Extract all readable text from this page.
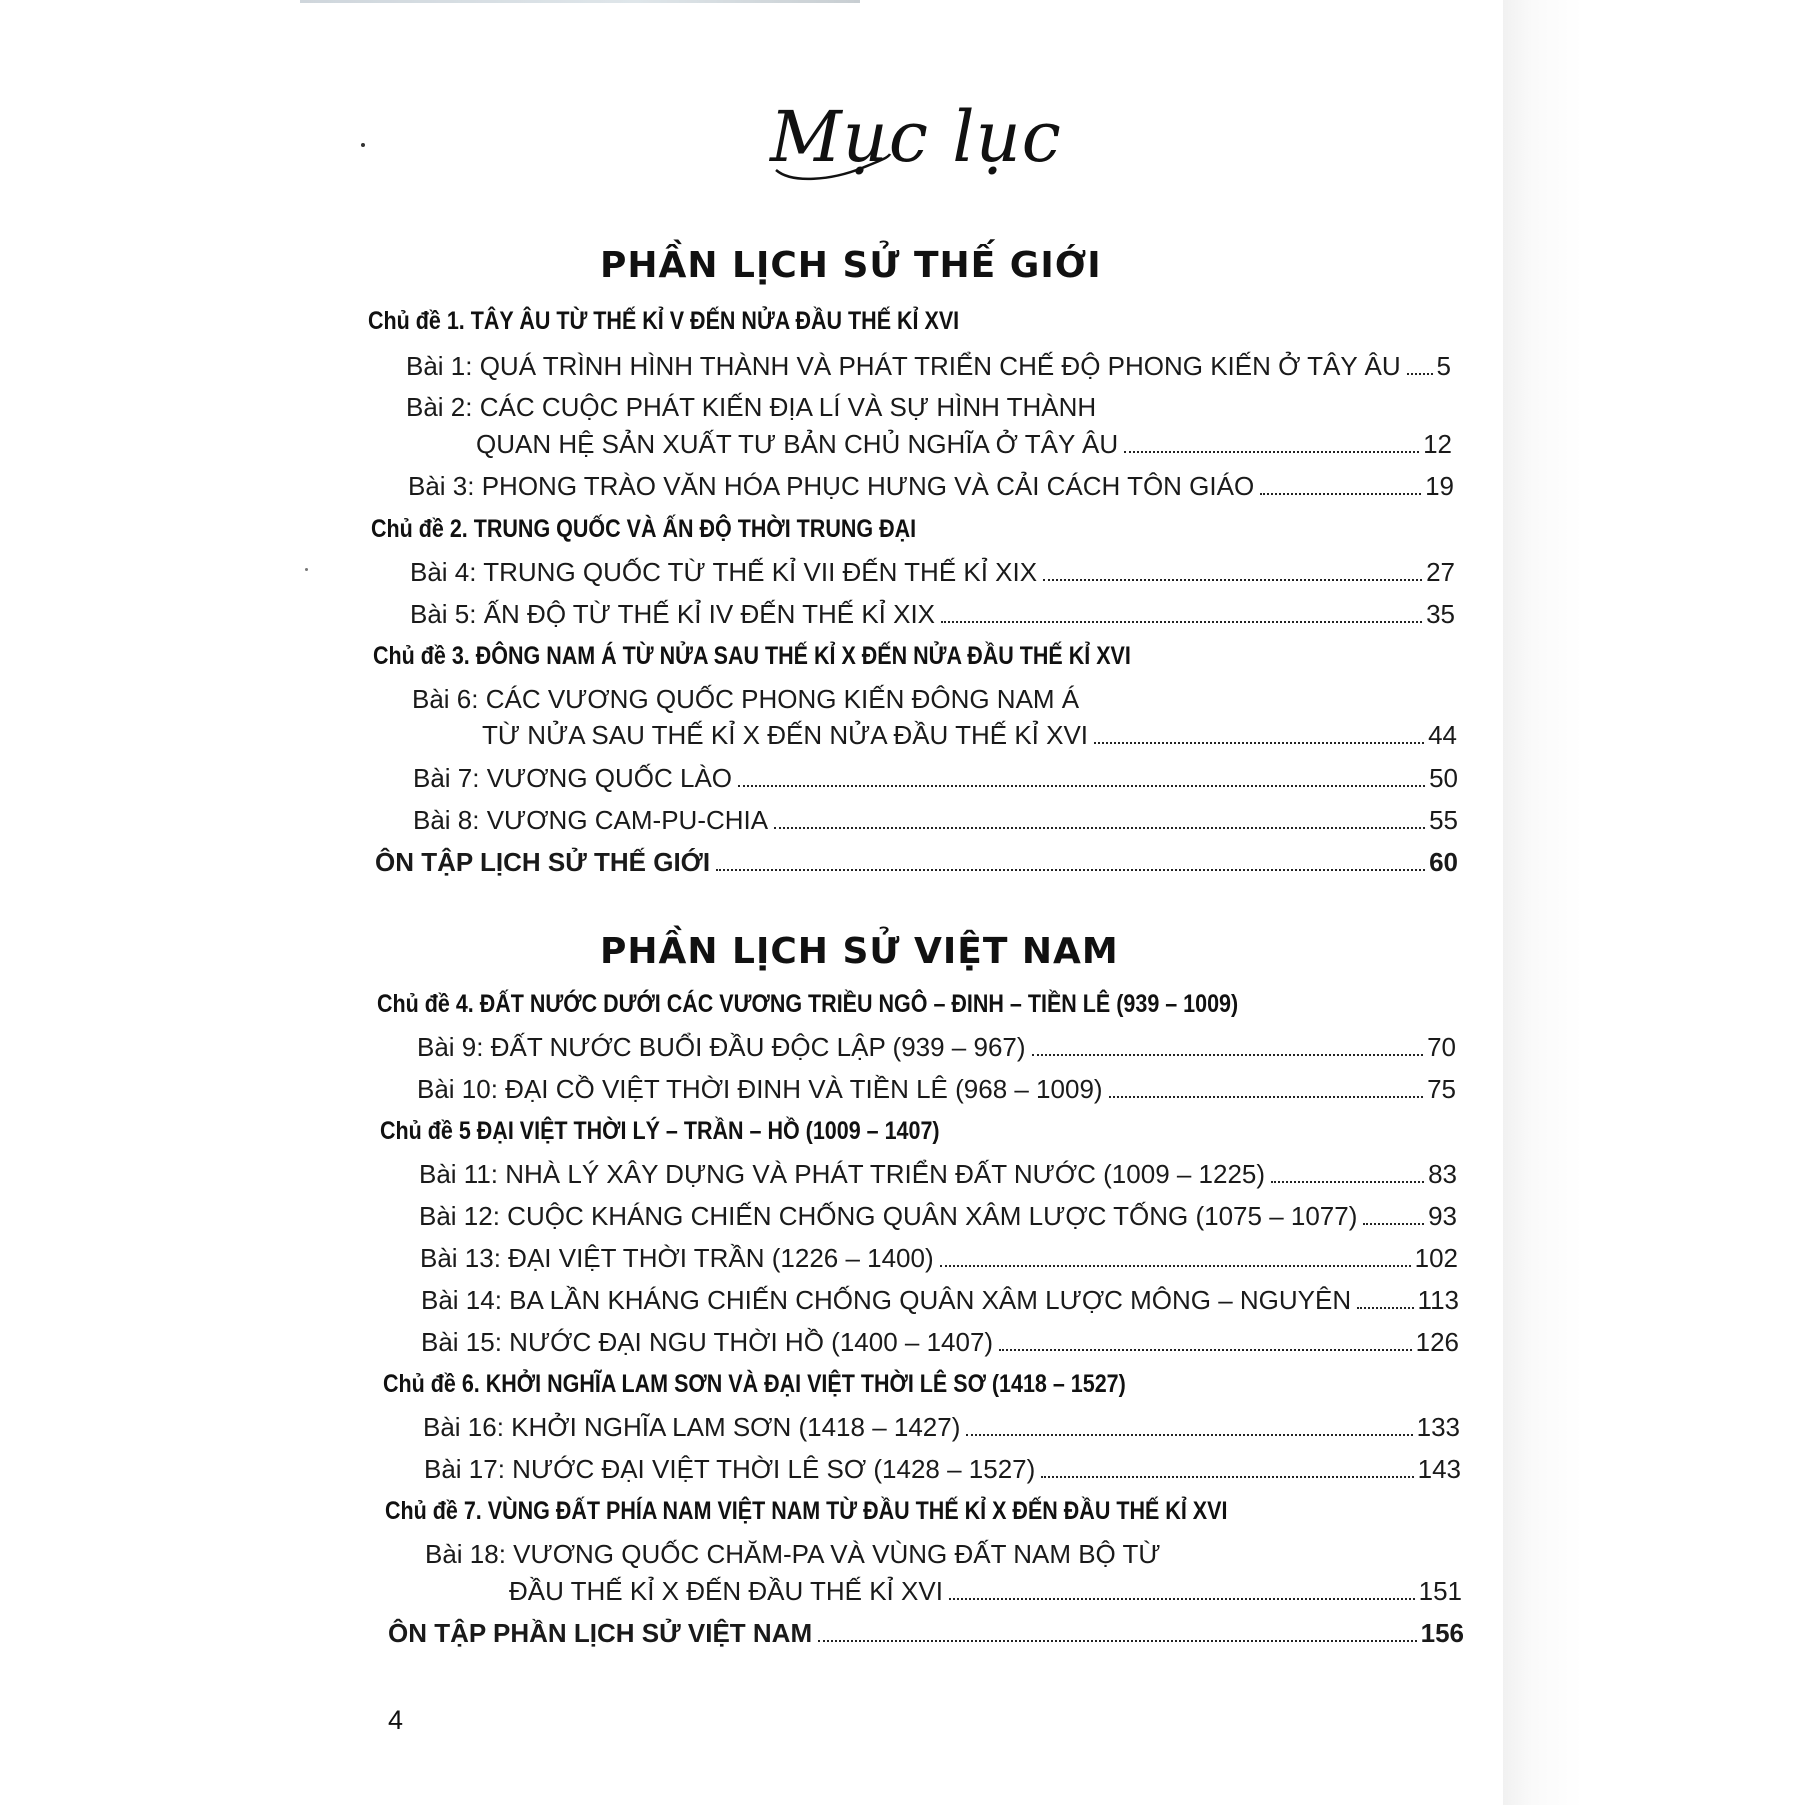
Mục lục
PHẦN LỊCH SỬ THẾ GIỚI
Chủ đề 1. TÂY ÂU TỪ THẾ KỈ V ĐẾN NỬA ĐẦU THẾ KỈ XVI
Bài 1: QUÁ TRÌNH HÌNH THÀNH VÀ PHÁT TRIỂN CHẾ ĐỘ PHONG KIẾN Ở TÂY ÂU 5
Bài 2: CÁC CUỘC PHÁT KIẾN ĐỊA LÍ VÀ SỰ HÌNH THÀNH
QUAN HỆ SẢN XUẤT TƯ BẢN CHỦ NGHĨA Ở TÂY ÂU	12
Bài 3: PHONG TRÀO VĂN HÓA PHỤC HƯNG VÀ CẢI CÁCH TÔN GIÁO	19
Chủ đề 2. TRUNG QUỐC VÀ ẤN ĐỘ THỜI TRUNG ĐẠI
Bài 4: TRUNG QUỐC TỪ THẾ KỈ VII ĐẾN THẾ KỈ XIX	27
Bài 5: ẤN ĐỘ TỪ THẾ KỈ IV ĐẾN THẾ KỈ XIX	35
Chủ đề 3. ĐÔNG NAM Á TỪ NỬA SAU THẾ KỈ X ĐẾN NỬA ĐẦU THẾ KỈ XVI
Bài 6: CÁC VƯƠNG QUỐC PHONG KIẾN ĐÔNG NAM Á
TỪ NỬA SAU THẾ KỈ X ĐẾN NỬA ĐẦU THẾ KỈ XVI	44
Bài 7: VƯƠNG QUỐC LÀO	50
Bài 8: VƯƠNG CAM-PU-CHIA	55
ÔN TẬP LỊCH SỬ THẾ GIỚI	60
PHẦN LỊCH SỬ VIỆT NAM
Chủ đề 4. ĐẤT NƯỚC DƯỚI CÁC VƯƠNG TRIỀU NGÔ – ĐINH – TIỀN LÊ (939 – 1009)
Bài 9: ĐẤT NƯỚC BUỔI ĐẦU ĐỘC LẬP (939 – 967)	70
Bài 10: ĐẠI CỒ VIỆT THỜI ĐINH VÀ TIỀN LÊ (968 – 1009)	75
Chủ đề 5 ĐẠI VIỆT THỜI LÝ – TRẦN – HỒ (1009 – 1407)
Bài 11: NHÀ LÝ XÂY DỰNG VÀ PHÁT TRIỂN ĐẤT NƯỚC (1009 – 1225)	83
Bài 12: CUỘC KHÁNG CHIẾN CHỐNG QUÂN XÂM LƯỢC TỐNG (1075 – 1077)	93
Bài 13: ĐẠI VIỆT THỜI TRẦN (1226 – 1400)	102
Bài 14: BA LẦN KHÁNG CHIẾN CHỐNG QUÂN XÂM LƯỢC MÔNG – NGUYÊN	113
Bài 15: NƯỚC ĐẠI NGU THỜI HỒ (1400 – 1407)	126
Chủ đề 6. KHỞI NGHĨA LAM SƠN VÀ ĐẠI VIỆT THỜI LÊ SƠ (1418 – 1527)
Bài 16: KHỞI NGHĨA LAM SƠN (1418 – 1427)	133
Bài 17: NƯỚC ĐẠI VIỆT THỜI LÊ SƠ (1428 – 1527)	143
Chủ đề 7. VÙNG ĐẤT PHÍA NAM VIỆT NAM TỪ ĐẦU THẾ KỈ X ĐẾN ĐẦU THẾ KỈ XVI
Bài 18: VƯƠNG QUỐC CHĂM-PA VÀ VÙNG ĐẤT NAM BỘ TỪ
ĐẦU THẾ KỈ X ĐẾN ĐẦU THẾ KỈ XVI	151
ÔN TẬP PHẦN LỊCH SỬ VIỆT NAM	156
4
